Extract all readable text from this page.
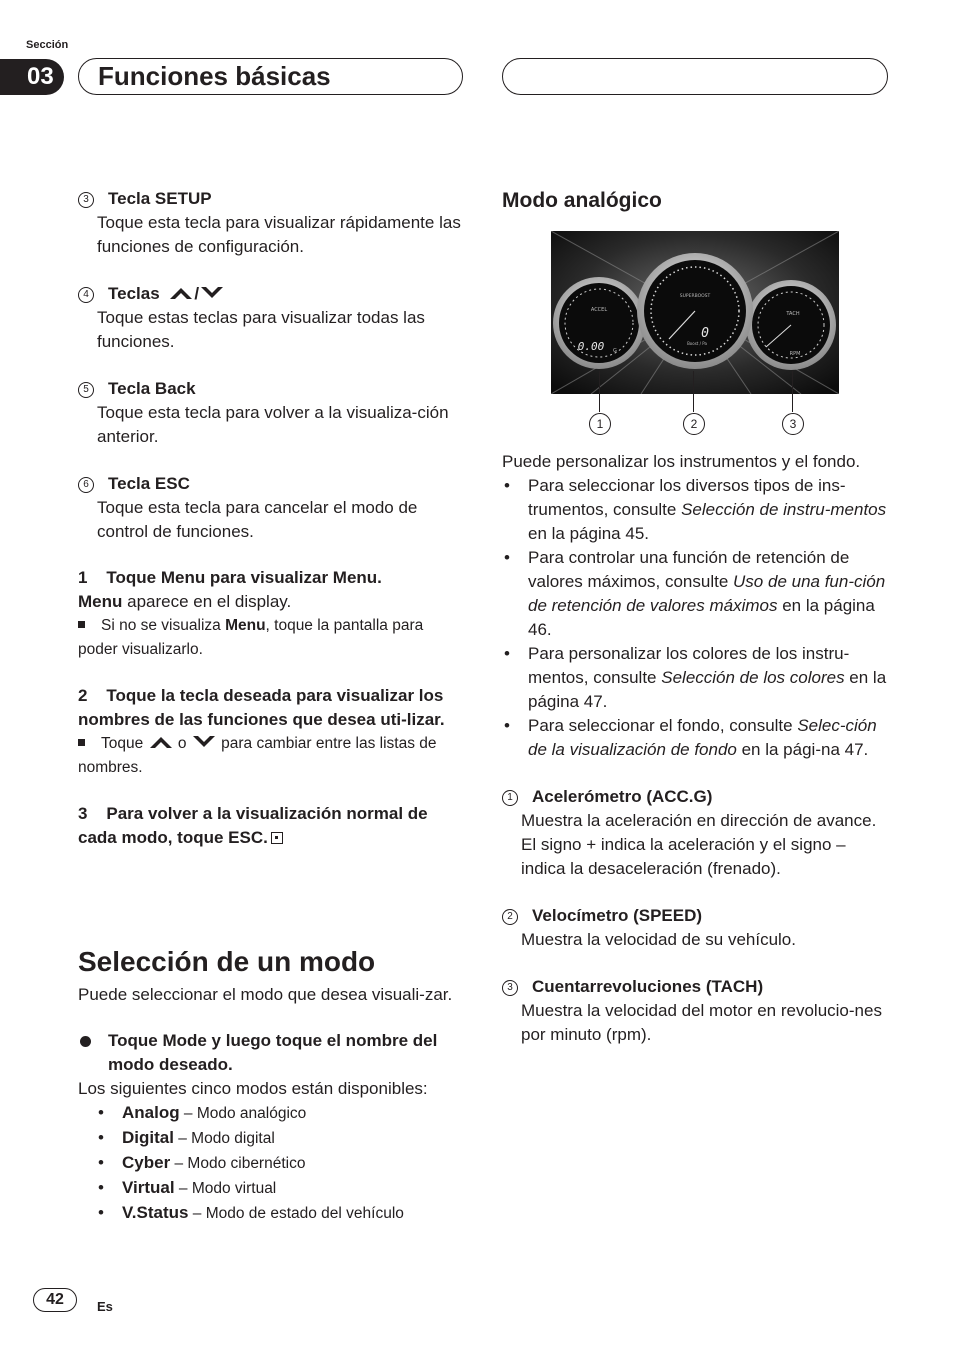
Sección
03	Funciones básicas
3 Tecla SETUP
Toque esta tecla para visualizar rápidamente las funciones de configuración.
4 Teclas /
Toque estas teclas para visualizar todas las funciones.
5 Tecla Back
Toque esta tecla para volver a la visualiza-ción anterior.
6 Tecla ESC
Toque esta tecla para cancelar el modo de control de funciones.
1 Toque Menu para visualizar Menu.
Menu aparece en el display.
Si no se visualiza Menu, toque la pantalla para poder visualizarlo.
2 Toque la tecla deseada para visualizar los nombres de las funciones que desea uti-lizar.
Toque o para cambiar entre las listas de nombres.
3 Para volver a la visualización normal de cada modo, toque ESC.
Selección de un modo
Puede seleccionar el modo que desea visuali-zar.
Toque Mode y luego toque el nombre del modo deseado.
Los siguientes cinco modos están disponibles:
• Analog – Modo analógico
• Digital – Modo digital
• Cyber – Modo cibernético
• Virtual – Modo virtual
• V.Status – Modo de estado del vehículo
Modo analógico
ACCEL
0.00 G
TACH
RPM
SUPERBOOST
0
Boost / Pa
1	2	3
Puede personalizar los instrumentos y el fondo.
• Para seleccionar los diversos tipos de ins-trumentos, consulte Selección de instru-mentos en la página 45.
• Para controlar una función de retención de valores máximos, consulte Uso de una fun-ción de retención de valores máximos en la página 46.
• Para personalizar los colores de los instru-mentos, consulte Selección de los colores en la página 47.
• Para seleccionar el fondo, consulte Selec-ción de la visualización de fondo en la pági-na 47.
1 Acelerómetro (ACC.G)
Muestra la aceleración en dirección de avance. El signo + indica la aceleración y el signo – indica la desaceleración (frenado).
2 Velocímetro (SPEED)
Muestra la velocidad de su vehículo.
3 Cuentarrevoluciones (TACH)
Muestra la velocidad del motor en revolucio-nes por minuto (rpm).
42	Es
